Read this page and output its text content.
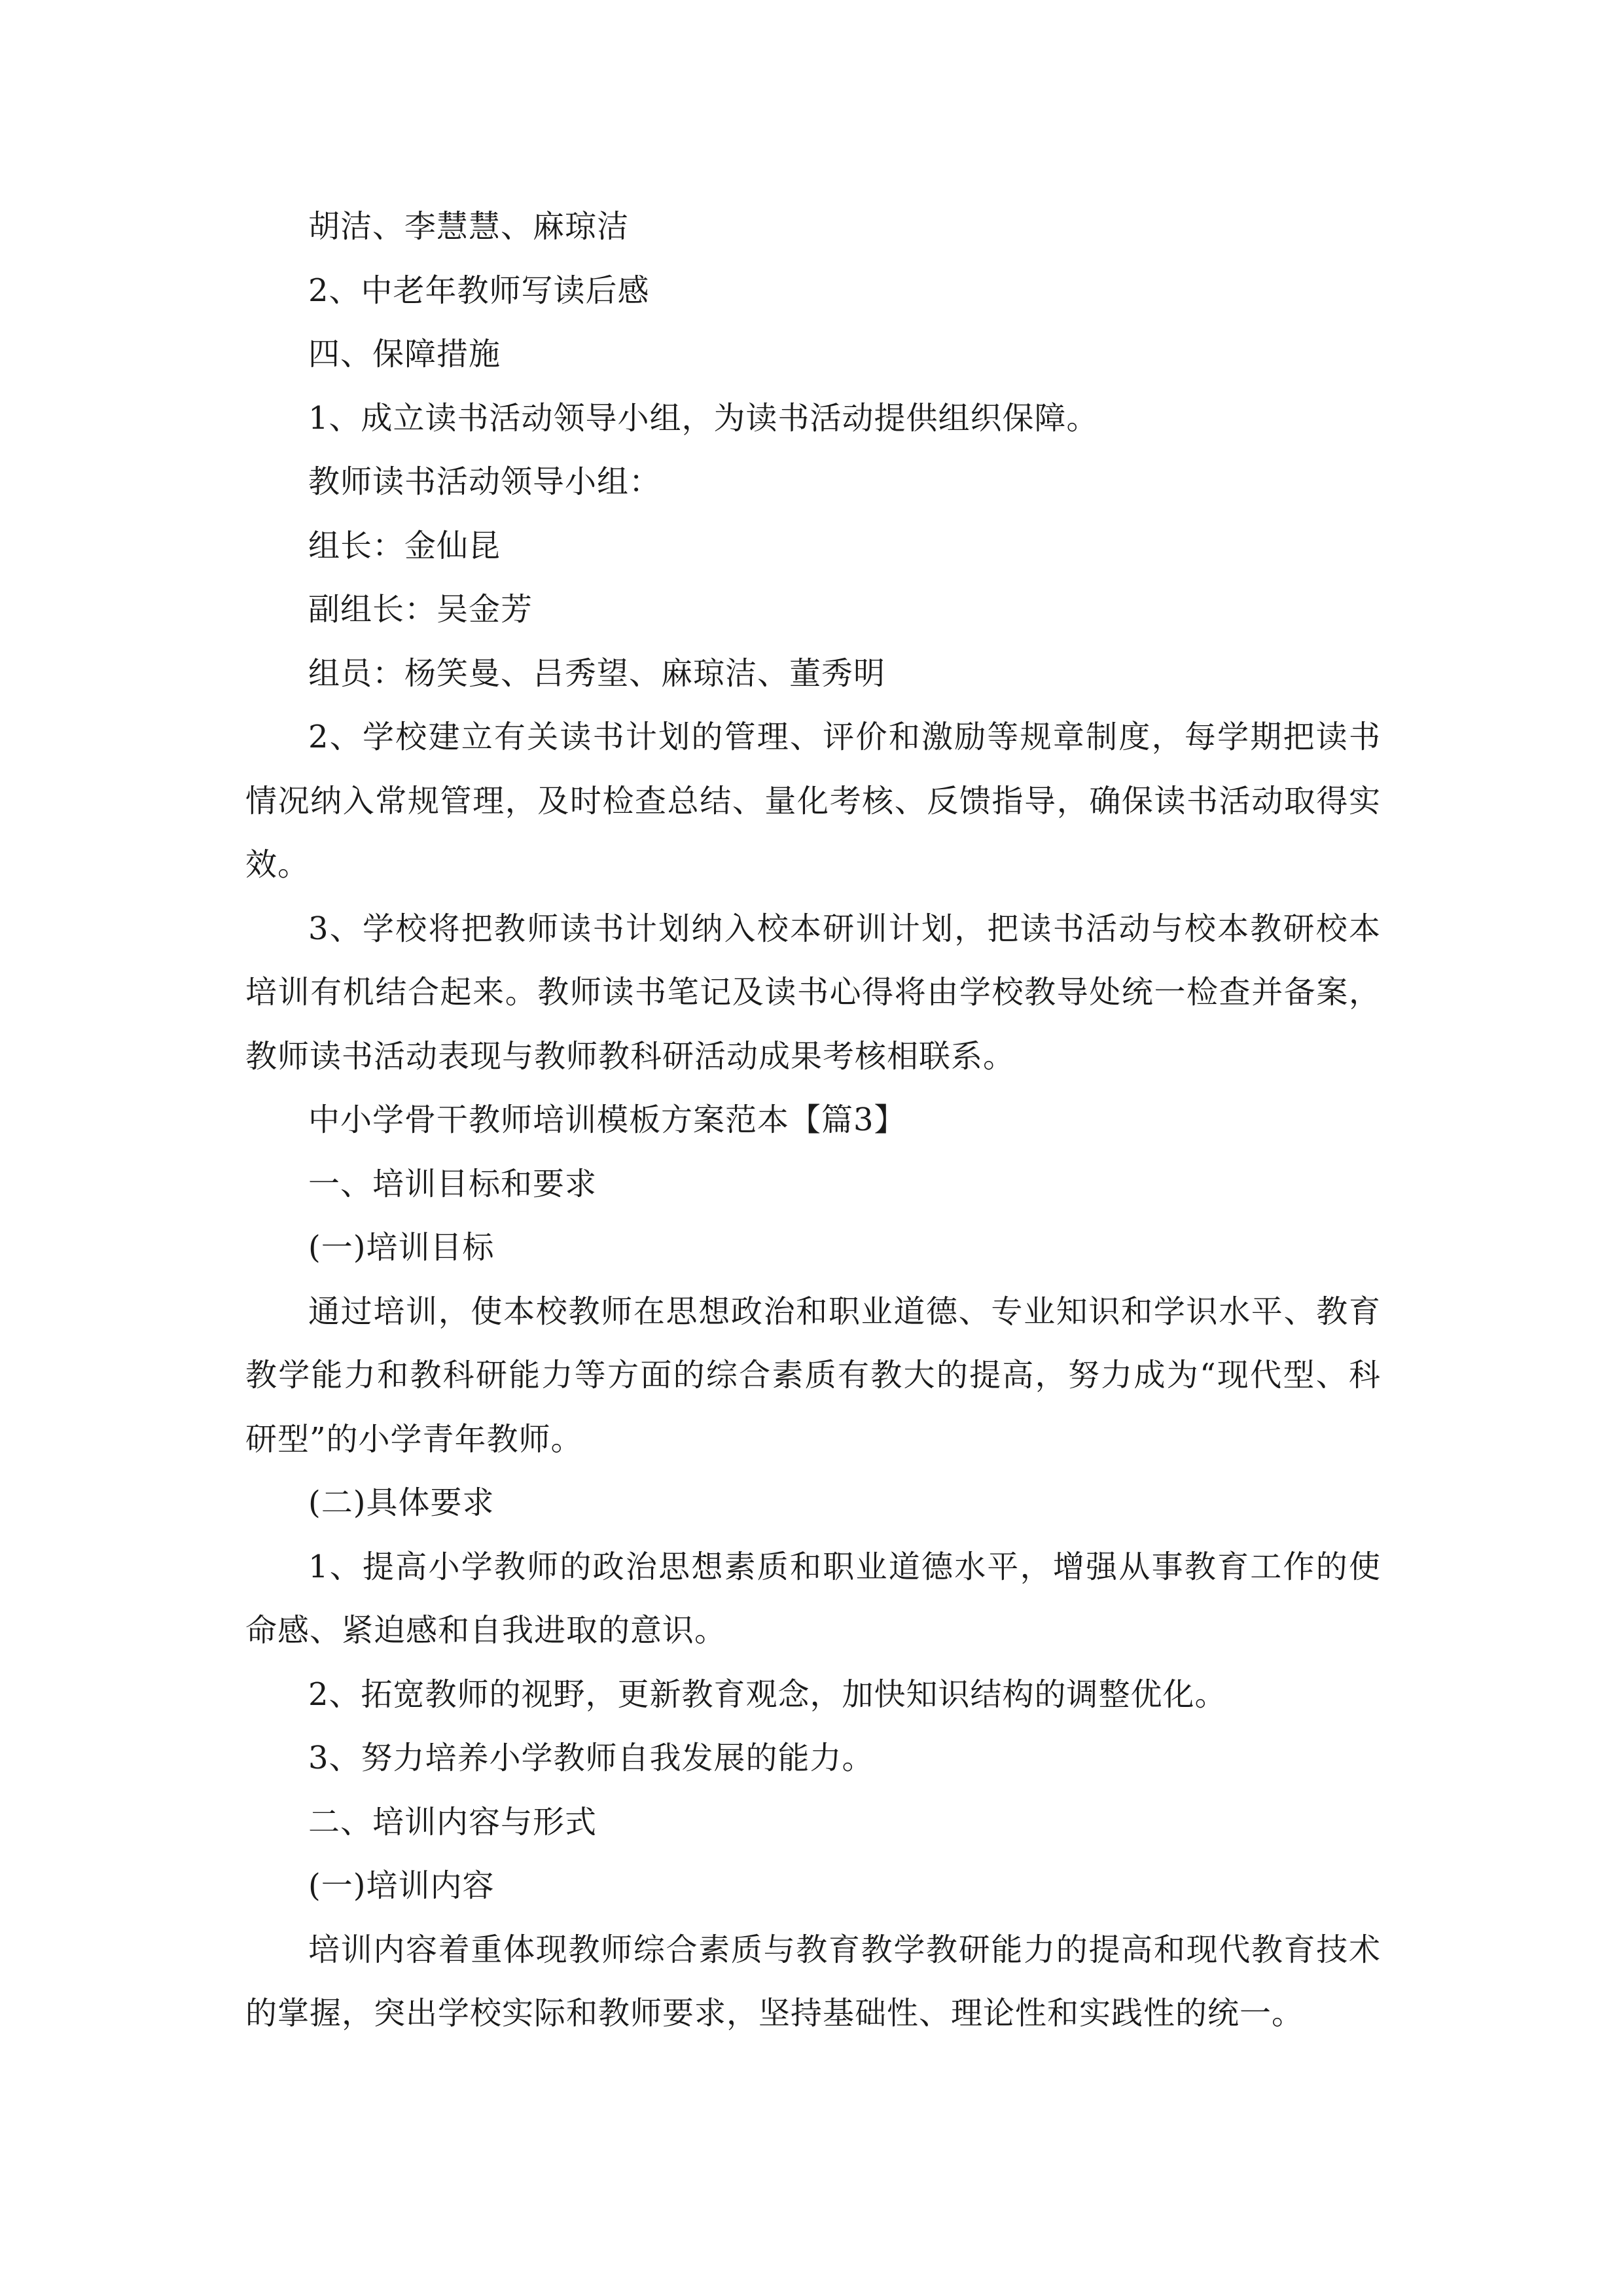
胡洁、李慧慧、麻琼洁

2、中老年教师写读后感

四、保障措施

1、成立读书活动领导小组，为读书活动提供组织保障。

教师读书活动领导小组：

组长：金仙昆

副组长：吴金芳

组员：杨笑曼、吕秀望、麻琼洁、董秀明

2、学校建立有关读书计划的管理、评价和激励等规章制度，每学期把读书情况纳入常规管理，及时检查总结、量化考核、反馈指导，确保读书活动取得实效。

3、学校将把教师读书计划纳入校本研训计划，把读书活动与校本教研校本培训有机结合起来。教师读书笔记及读书心得将由学校教导处统一检查并备案，教师读书活动表现与教师教科研活动成果考核相联系。

中小学骨干教师培训模板方案范本【篇3】

一、培训目标和要求

(一)培训目标

通过培训，使本校教师在思想政治和职业道德、专业知识和学识水平、教育教学能力和教科研能力等方面的综合素质有教大的提高，努力成为“现代型、科研型”的小学青年教师。

(二)具体要求

1、提高小学教师的政治思想素质和职业道德水平，增强从事教育工作的使命感、紧迫感和自我进取的意识。

2、拓宽教师的视野，更新教育观念，加快知识结构的调整优化。

3、努力培养小学教师自我发展的能力。

二、培训内容与形式

(一)培训内容

培训内容着重体现教师综合素质与教育教学教研能力的提高和现代教育技术的掌握，突出学校实际和教师要求，坚持基础性、理论性和实践性的统一。
